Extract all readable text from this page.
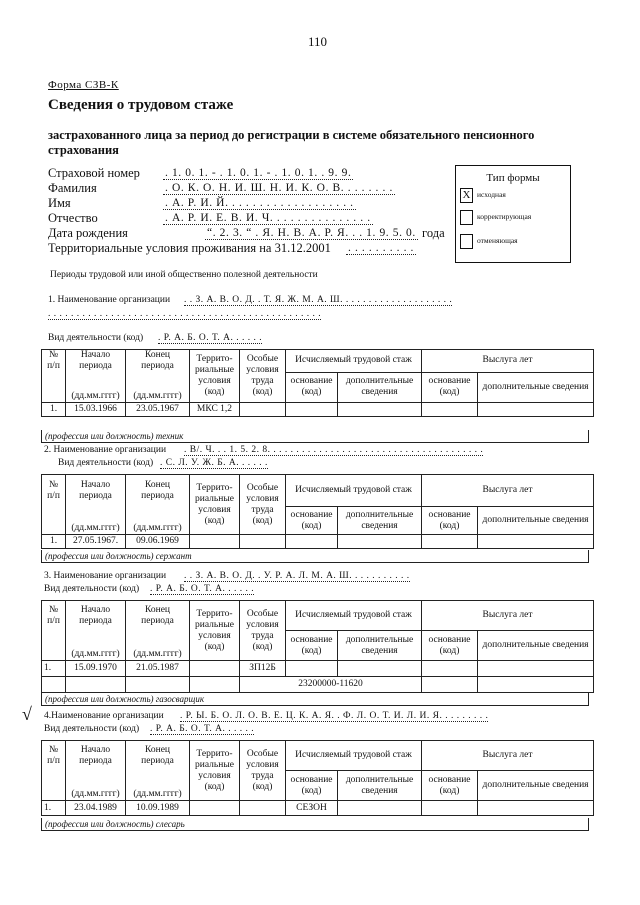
110
Форма СЗВ-К
Сведения о трудовом стаже
застрахованного лица за период до регистрации в системе обязательного пенсионного страхования
Страховой номер . 1. 0. 1. - . 1. 0. 1. - . 1. 0. 1. . 9. 9.
Фамилия	. О. К. О. Н. И. Ш. Н. И. К. О. В. . . . . . . .
Имя	. А. Р. И. Й. . . . . . . . . . . . . . . . . . .
Отчество	. А. Р. И. Е. В. И. Ч. . . . . . . . . . . . . . .
Дата рождения	“. 2. 3. “ . Я. Н. В. А. Р. Я. . . 1. 9. 5. 0. года
Территориальные условия проживания на 31.12.2001 . . . . . . . . . .
Тип формы
X исходная
корректирующая
отменяющая
Периоды трудовой или иной общественно полезной деятельности
1. Наименование организации . . З. А. В. О. Д. . Т. Я. Ж. М. А. Ш. . . . . . . . . . . . . . . . . . . .
. . . . . . . . . . . . . . . . . . . . . . . . . . . . . . . . . . . . . . . . . . . . . . . .
Вид деятельности (код) . Р. А. Б. О. Т. А. . . . . .
№ п/п	Начало периода	Конец периода	Террито-риальные условия (код)	Особые условия труда (код)	Исчисляемый трудовой стаж		Выслуга лет	
	(дд.мм.гггг)	(дд.мм.гггг)			основание (код)	дополнительные сведения	основание (код)	дополнительные сведения
1.	15.03.1966	23.05.1967	МКС 1,2					
(профессия или должность) техник
2. Наименование организации . В/. Ч. . . 1. 5. 2. 8. . . . . . . . . . . . . . . . . . . . . . . . . . . . . . . . . . . . . .
Вид деятельности (код) . С. Л. У. Ж. Б. А. . . . . .
№ п/п	Начало периода	Конец периода	Террито-риальные условия (код)	Особые условия труда (код)	Исчисляемый трудовой стаж		Выслуга лет	
	(дд.мм.гггг)	(дд.мм.гггг)			основание (код)	дополнительные сведения	основание (код)	дополнительные сведения
1.	27.05.1967.	09.06.1969						
(профессия или должность) сержант
3. Наименование организации . . З. А. В. О. Д. . У. Р. А. Л. М. А. Ш. . . . . . . . . . .
Вид деятельности (код) . Р. А. Б. О. Т. А. . . . . .
№ п/п	Начало периода	Конец периода	Террито-риальные условия (код)	Особые условия труда (код)	Исчисляемый трудовой стаж		Выслуга лет	
	(дд.мм.гггг)	(дд.мм.гггг)			основание (код)	дополнительные сведения	основание (код)	дополнительные сведения
1.	15.09.1970	21.05.1987		ЗП12Б				
				23200000-11620				
(профессия или должность) газосварщик
√ 4.Наименование организации . Р. Ы. Б. О. Л. О. В. Е. Ц. К. А. Я. . Ф. Л. О. Т. И. Л. И. Я. . . . . . . . .
Вид деятельности (код) . Р. А. Б. О. Т. А. . . . . .
№ п/п	Начало периода	Конец периода	Террито-риальные условия (код)	Особые условия труда (код)	Исчисляемый трудовой стаж		Выслуга лет	
	(дд.мм.гггг)	(дд.мм.гггг)			основание (код)	дополнительные сведения	основание (код)	дополнительные сведения
1.	23.04.1989	10.09.1989			СЕЗОН			
(профессия или должность) слесарь
